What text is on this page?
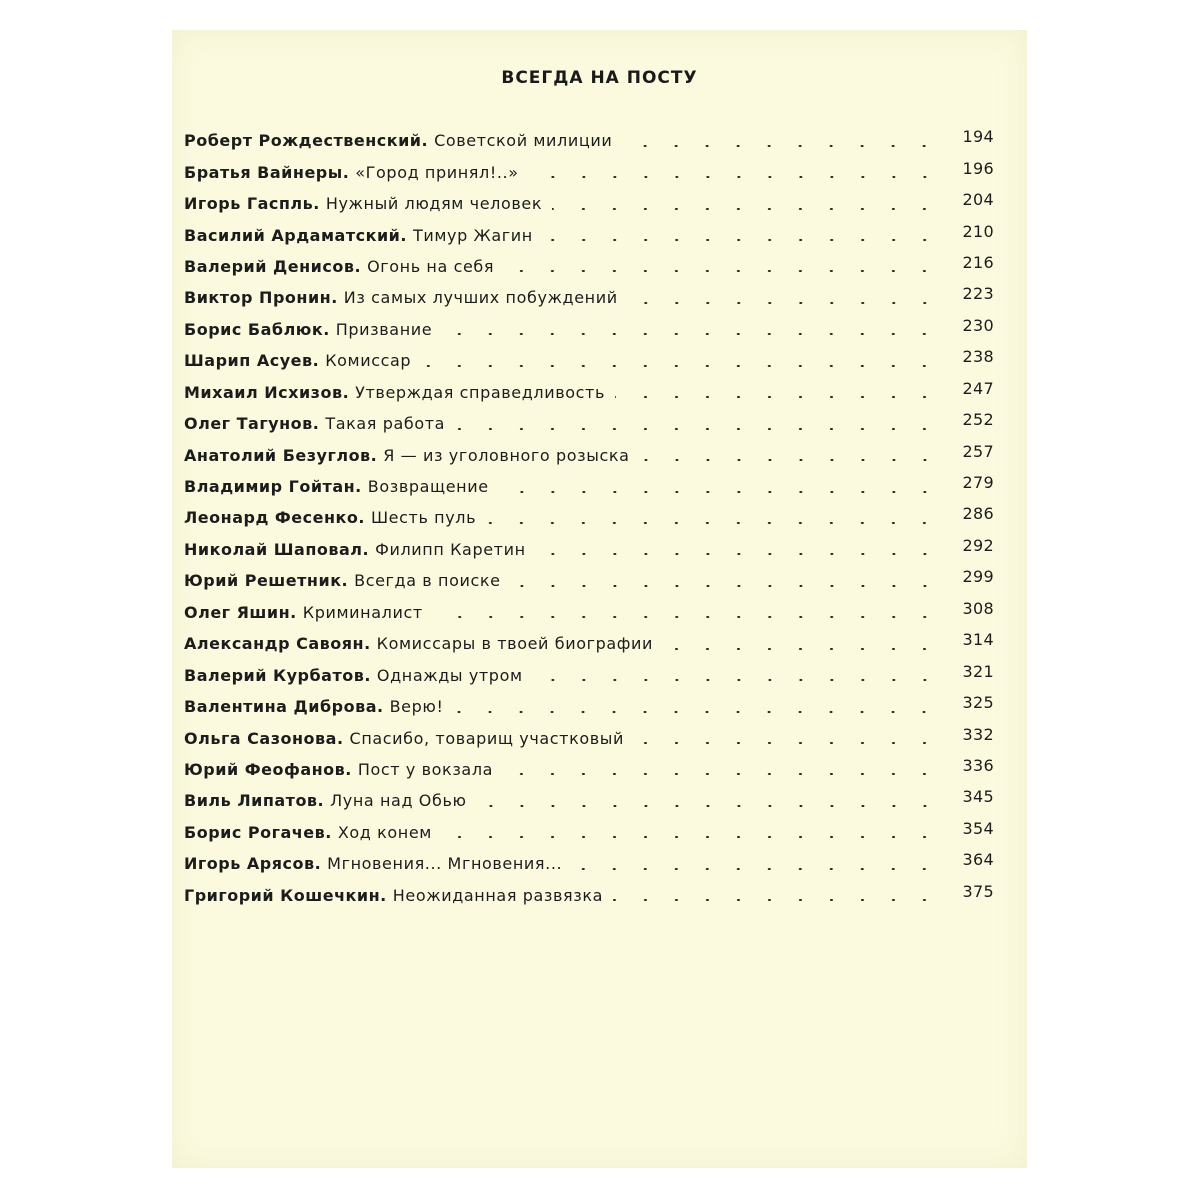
ВСЕГДА НА ПОСТУ
Роберт Рождественский. Советской милиции	194
Братья Вайнеры. «Город принял!..»	196
Игорь Гаспль. Нужный людям человек	204
Василий Ардаматский. Тимур Жагин	210
Валерий Денисов. Огонь на себя	216
Виктор Пронин. Из самых лучших побуждений	223
Борис Баблюк. Призвание	230
Шарип Асуев. Комиссар	238
Михаил Исхизов. Утверждая справедливость	247
Олег Тагунов. Такая работа	252
Анатолий Безуглов. Я — из уголовного розыска	257
Владимир Гойтан. Возвращение	279
Леонард Фесенко. Шесть пуль	286
Николай Шаповал. Филипп Каретин	292
Юрий Решетник. Всегда в поиске	299
Олег Яшин. Криминалист	308
Александр Савоян. Комиссары в твоей биографии	314
Валерий Курбатов. Однажды утром	321
Валентина Диброва. Верю!	325
Ольга Сазонова. Спасибо, товарищ участковый	332
Юрий Феофанов. Пост у вокзала	336
Виль Липатов. Луна над Обью	345
Борис Рогачев. Ход конем	354
Игорь Арясов. Мгновения... Мгновения...	364
Григорий Кошечкин. Неожиданная развязка	375
